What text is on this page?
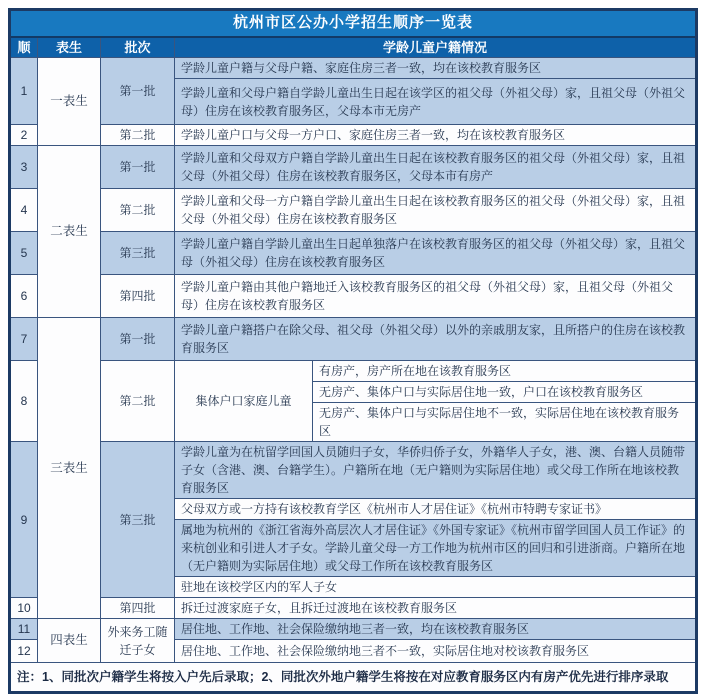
杭州市区公办小学招生顺序一览表				
顺	表生	批次	学龄儿童户籍情况	
1	一表生	第一批	学龄儿童户籍与父母户籍、家庭住房三者一致，均在该校教育服务区	
			学龄儿童和父母户籍自学龄儿童出生日起在该学区的祖父母（外祖父母）家，且祖父母（外祖父母）住房在该校教育服务区，父母本市无房产	
2		第二批	学龄儿童户口与父母一方户口、家庭住房三者一致，均在该校教育服务区	
3	二表生	第一批	学龄儿童和父母双方户籍自学龄儿童出生日起在该校教育服务区的祖父母（外祖父母）家，且祖父母（外祖父母）住房在该校教育服务区，父母本市有房产	
4		第二批	学龄儿童和父母一方户籍自学龄儿童出生日起在该校教育服务区的祖父母（外祖父母）家，且祖父母（外祖父母）住房在该校教育服务区	
5		第三批	学龄儿童户籍自学龄儿童出生日起单独落户在该校教育服务区的祖父母（外祖父母）家，且祖父母（外祖父母）住房在该校教育服务区	
6		第四批	学龄儿童户籍由其他户籍地迁入该校教育服务区的祖父母（外祖父母）家，且祖父母（外祖父母）住房在该校教育服务区	
7	三表生	第一批	学龄儿童户籍搭户在除父母、祖父母（外祖父母）以外的亲戚朋友家，且所搭户的住房在该校教育服务区	
8		第二批	集体户口家庭儿童	有房产，房产所在地在该教育服务区
				无房产、集体户口与实际居住地一致，户口在该校教育服务区
				无房产、集体户口与实际居住地不一致，实际居住地在该校教育服务区
9		第三批	学龄儿童为在杭留学回国人员随归子女，华侨归侨子女，外籍华人子女，港、澳、台籍人员随带子女（含港、澳、台籍学生）。户籍所在地（无户籍则为实际居住地）或父母工作所在地该校教育服务区	
			父母双方或一方持有该校教育学区《杭州市人才居住证》《杭州市特聘专家证书》	
			属地为杭州的《浙江省海外高层次人才居住证》《外国专家证》《杭州市留学回国人员工作证》的来杭创业和引进人才子女。学龄儿童父母一方工作地为杭州市区的回归和引进浙商。户籍所在地（无户籍则为实际居住地）或父母工作所在该校教育服务区	
			驻地在该校学区内的军人子女	
10		第四批	拆迁过渡家庭子女，且拆迁过渡地在该校教育服务区	
11	四表生	外来务工随迁子女	居住地、工作地、社会保险缴纳地三者一致，均在该校教育服务区	
12			居住地、工作地、社会保险缴纳地三者不一致，实际居住地对校该教育服务区	
注：1、同批次户籍学生将按入户先后录取；2、同批次外地户籍学生将按在对应教育服务区内有房产优先进行排序录取				
